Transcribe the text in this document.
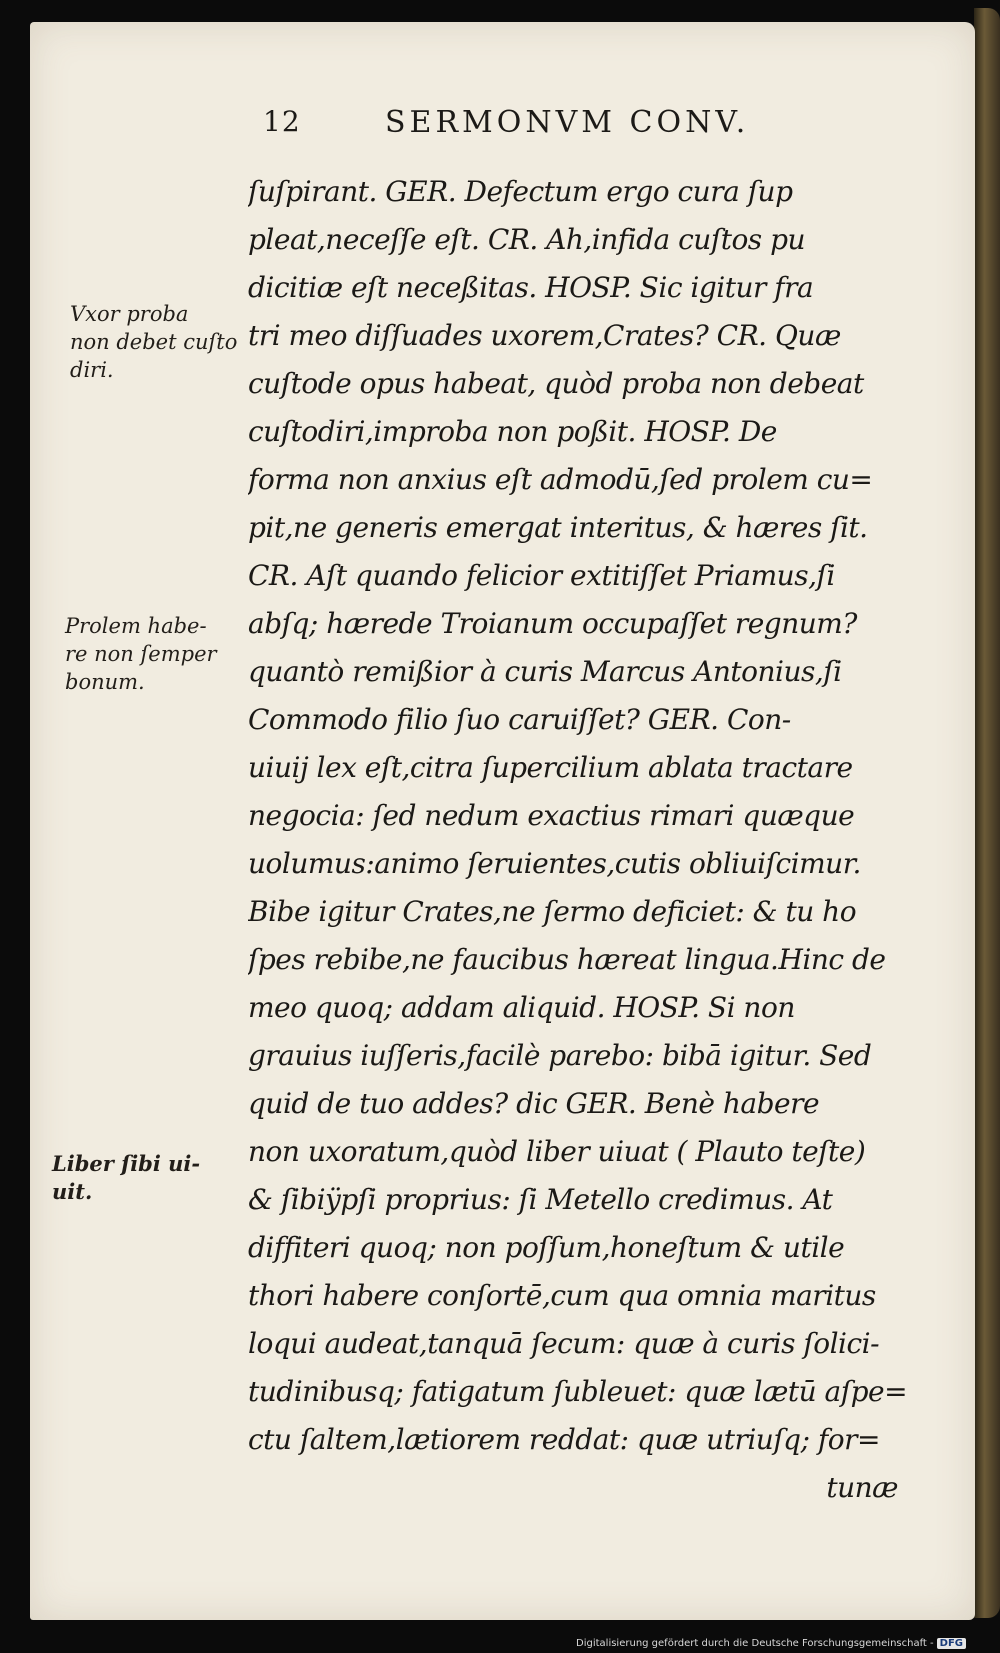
12	SERMONVM CONV.
ſuſpirant. GER. Defectum ergo cura ſup
pleat,neceſſe eſt. CR. Ah,infida cuſtos pu
dicitiæ eſt neceßitas. HOSP. Sic igitur fra
tri meo diſſuades uxorem,Crates? CR. Quæ
cuſtode opus habeat, quòd proba non debeat
cuſtodiri,improba non poßit. HOSP. De
forma non anxius eſt admodū,ſed prolem cu=
pit,ne generis emergat interitus, & hæres ſit.
CR. Aſt quando felicior extitiſſet Priamus,ſi
abſq; hærede Troianum occupaſſet regnum?
quantò remißior à curis Marcus Antonius,ſi
Commodo filio ſuo caruiſſet? GER. Con-
uiuij lex eſt,citra ſupercilium ablata tractare
negocia: ſed nedum exactius rimari quæque
uolumus:animo ſeruientes,cutis obliuiſcimur.
Bibe igitur Crates,ne ſermo deficiet: & tu ho
ſpes rebibe,ne faucibus hæreat lingua.Hinc de
meo quoq; addam aliquid. HOSP. Si non
grauius iuſſeris,facilè parebo: bibā igitur. Sed
quid de tuo addes? dic GER. Benè habere
non uxoratum,quòd liber uiuat ( Plauto teſte)
& ſibiÿpſi proprius: ſi Metello credimus. At
diffiteri quoq; non poſſum,honeſtum & utile
thori habere conſortē,cum qua omnia maritus
loqui audeat,tanquā ſecum: quæ à curis ſolici-
tudinibusq; fatigatum ſubleuet: quæ lætū aſpe=
ctu ſaltem,lætiorem reddat: quæ utriuſq; for=
tunæ
Vxor proba
non debet cuſto
diri.
Prolem habe-
re non ſemper
bonum.
Liber ſibi ui-
uit.
Digitalisierung gefördert durch die Deutsche Forschungsgemeinschaft - DFG
